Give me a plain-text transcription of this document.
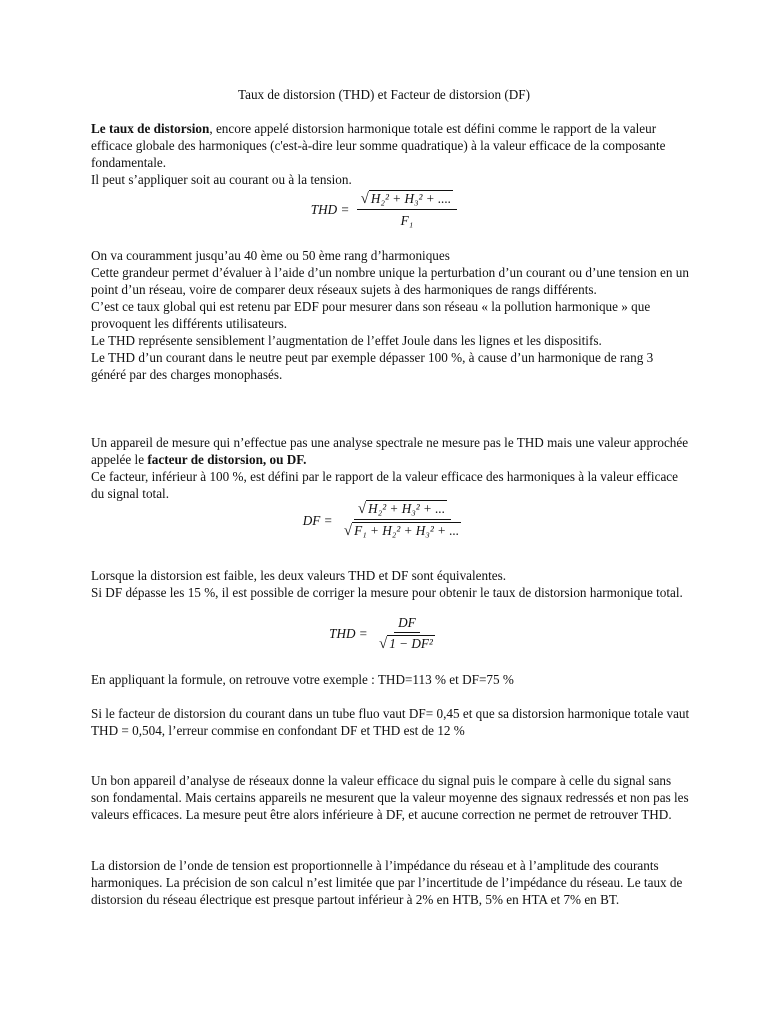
Taux de distorsion (THD) et Facteur de distorsion (DF)

Le taux de distorsion, encore appelé distorsion harmonique totale est défini comme le rapport de la valeur efficace globale des harmoniques (c'est-à-dire leur somme quadratique) à la valeur efficace de la composante fondamentale.

Il peut s’appliquer soit au courant ou à la tension.

THD = $\frac{\text{√ H₂² + H₃² + ....}}{\text{F₁}}$

On va couramment jusqu’au 40 ème ou 50 ème rang d’harmoniques

Cette grandeur permet d’évaluer à l’aide d’un nombre unique la perturbation d’un courant ou d’une tension en un point d’un réseau, voire de comparer deux réseaux sujets à des harmoniques de rangs différents.

C’est ce taux global qui est retenu par EDF pour mesurer dans son réseau « la pollution harmonique » que provoquent les différents utilisateurs.

Le THD représente sensiblement l’augmentation de l’effet Joule dans les lignes et les dispositifs.

Le THD d’un courant dans le neutre peut par exemple dépasser 100 %, à cause d’un harmonique de rang 3 généré par des charges monophasés.

Un appareil de mesure qui n’effectue pas une analyse spectrale ne mesure pas le THD mais une valeur approchée appelée le facteur de distorsion, ou DF.

Ce facteur, inférieur à 100 %, est défini par le rapport de la valeur efficace des harmoniques à la valeur efficace du signal total.

DF = $\frac{\text{√ H₂² + H₃² + ...}}{\text{√ F₁ + H₂² + H₃² + ...}}$

Lorsque la distorsion est faible, les deux valeurs THD et DF sont équivalentes.

Si DF dépasse les 15 %, il est possible de corriger la mesure pour obtenir le taux de distorsion harmonique total.

THD = $\frac{DF}{\text{√ 1 − DF²}}$

En appliquant la formule, on retrouve votre exemple : THD=113 % et DF=75 %

Si le facteur de distorsion du courant dans un tube fluo vaut DF= 0,45 et que sa distorsion harmonique totale vaut THD = 0,504, l’erreur commise en confondant DF et THD est de 12 %

Un bon appareil d’analyse de réseaux donne la valeur efficace du signal puis le compare à celle du signal sans son fondamental. Mais certains appareils ne mesurent que la valeur moyenne des signaux redressés et non pas les valeurs efficaces. La mesure peut être alors inférieure à DF, et aucune correction ne permet de retrouver THD.

La distorsion de l’onde de tension est proportionnelle à l’impédance du réseau et à l’amplitude des courants harmoniques. La précision de son calcul n’est limitée que par l’incertitude de l’impédance du réseau. Le taux de distorsion du réseau électrique est presque partout inférieur à 2% en HTB, 5% en HTA et 7% en BT.
